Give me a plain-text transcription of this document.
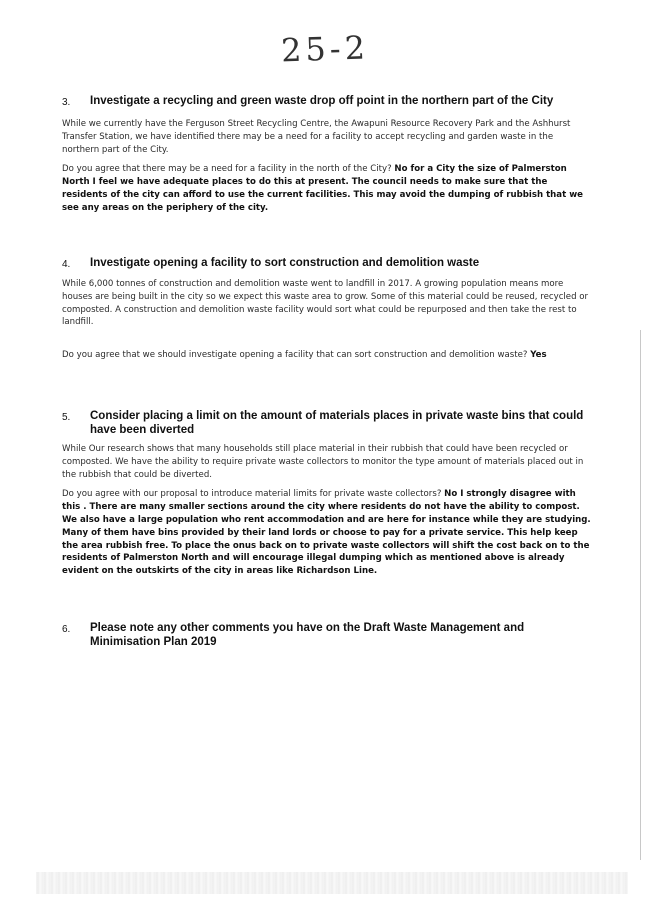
25-2
3.	Investigate a recycling and green waste drop off point in the northern part of the City

While we currently have the Ferguson Street Recycling Centre, the Awapuni Resource Recovery Park and the Ashhurst Transfer Station, we have identified there may be a need for a facility to accept recycling and garden waste in the northern part of the City.

Do you agree that there may be a need for a facility in the north of the City? No for a City the size of Palmerston North I feel we have adequate places to do this at present. The council needs to make sure that the residents of the city can afford to use the current facilities. This may avoid the dumping of rubbish that we see any areas on the periphery of the city.

4.	Investigate opening a facility to sort construction and demolition waste

While 6,000 tonnes of construction and demolition waste went to landfill in 2017. A growing population means more houses are being built in the city so we expect this waste area to grow. Some of this material could be reused, recycled or composted. A construction and demolition waste facility would sort what could be repurposed and then take the rest to landfill.

Do you agree that we should investigate opening a facility that can sort construction and demolition waste? Yes

5.	Consider placing a limit on the amount of materials places in private waste bins that could have been diverted

While Our research shows that many households still place material in their rubbish that could have been recycled or composted. We have the ability to require private waste collectors to monitor the type amount of materials placed out in the rubbish that could be diverted.

Do you agree with our proposal to introduce material limits for private waste collectors? No I strongly disagree with this . There are many smaller sections around the city where residents do not have the ability to compost. We also have a large population who rent accommodation and are here for instance while they are studying. Many of them have bins provided by their land lords or choose to pay for a private service. This help keep the area rubbish free. To place the onus back on to private waste collectors will shift the cost back on to the residents of Palmerston North and will encourage illegal dumping which as mentioned above is already evident on the outskirts of the city in areas like Richardson Line.

6.	Please note any other comments you have on the Draft Waste Management and Minimisation Plan 2019
